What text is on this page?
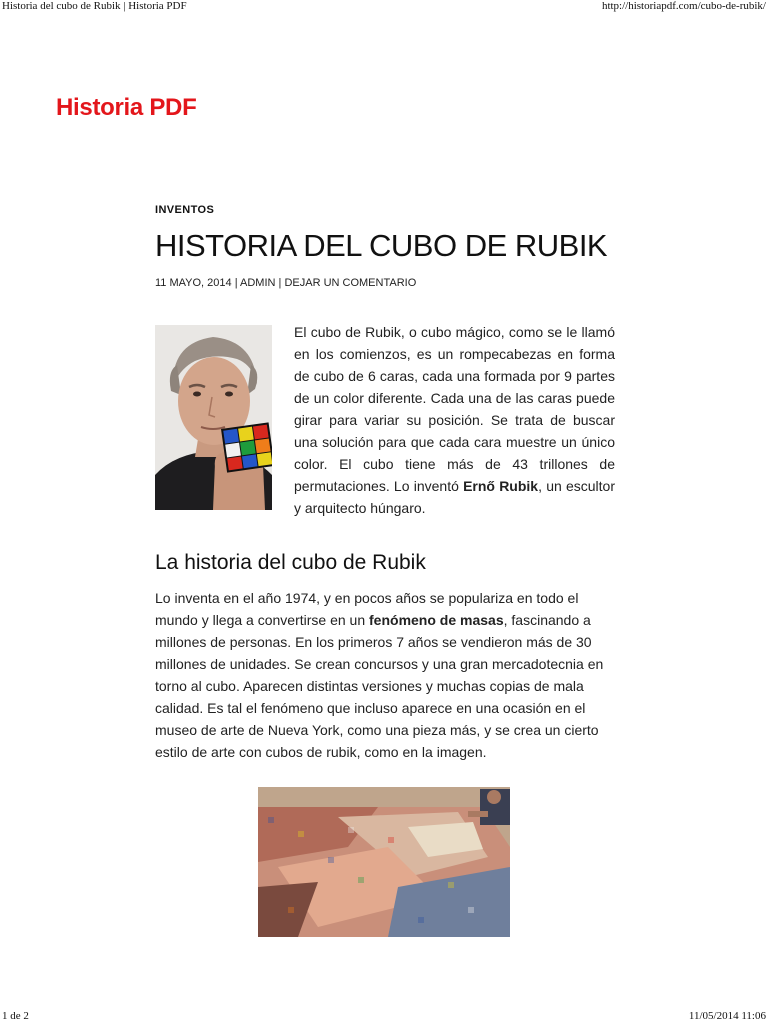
Historia del cubo de Rubik | Historia PDF	http://historiapdf.com/cubo-de-rubik/
Historia PDF
INVENTOS
HISTORIA DEL CUBO DE RUBIK
11 MAYO, 2014 | ADMIN | DEJAR UN COMENTARIO

El cubo de Rubik, o cubo mágico, como se le llamó en los comienzos, es un rompecabezas en forma de cubo de 6 caras, cada una formada por 9 partes de un color diferente. Cada una de las caras puede girar para variar su posición. Se trata de buscar una solución para que cada cara muestre un único color. El cubo tiene más de 43 trillones de permutaciones. Lo inventó Ernő Rubik, un escultor y arquitecto húngaro.

La historia del cubo de Rubik

Lo inventa en el año 1974, y en pocos años se populariza en todo el mundo y llega a convertirse en un fenómeno de masas, fascinando a millones de personas. En los primeros 7 años se vendieron más de 30 millones de unidades. Se crean concursos y una gran mercadotecnia en torno al cubo. Aparecen distintas versiones y muchas copias de mala calidad. Es tal el fenómeno que incluso aparece en una ocasión en el museo de arte de Nueva York, como una pieza más, y se crea un cierto estilo de arte con cubos de rubik, como en la imagen.

1 de 2	11/05/2014 11:06
